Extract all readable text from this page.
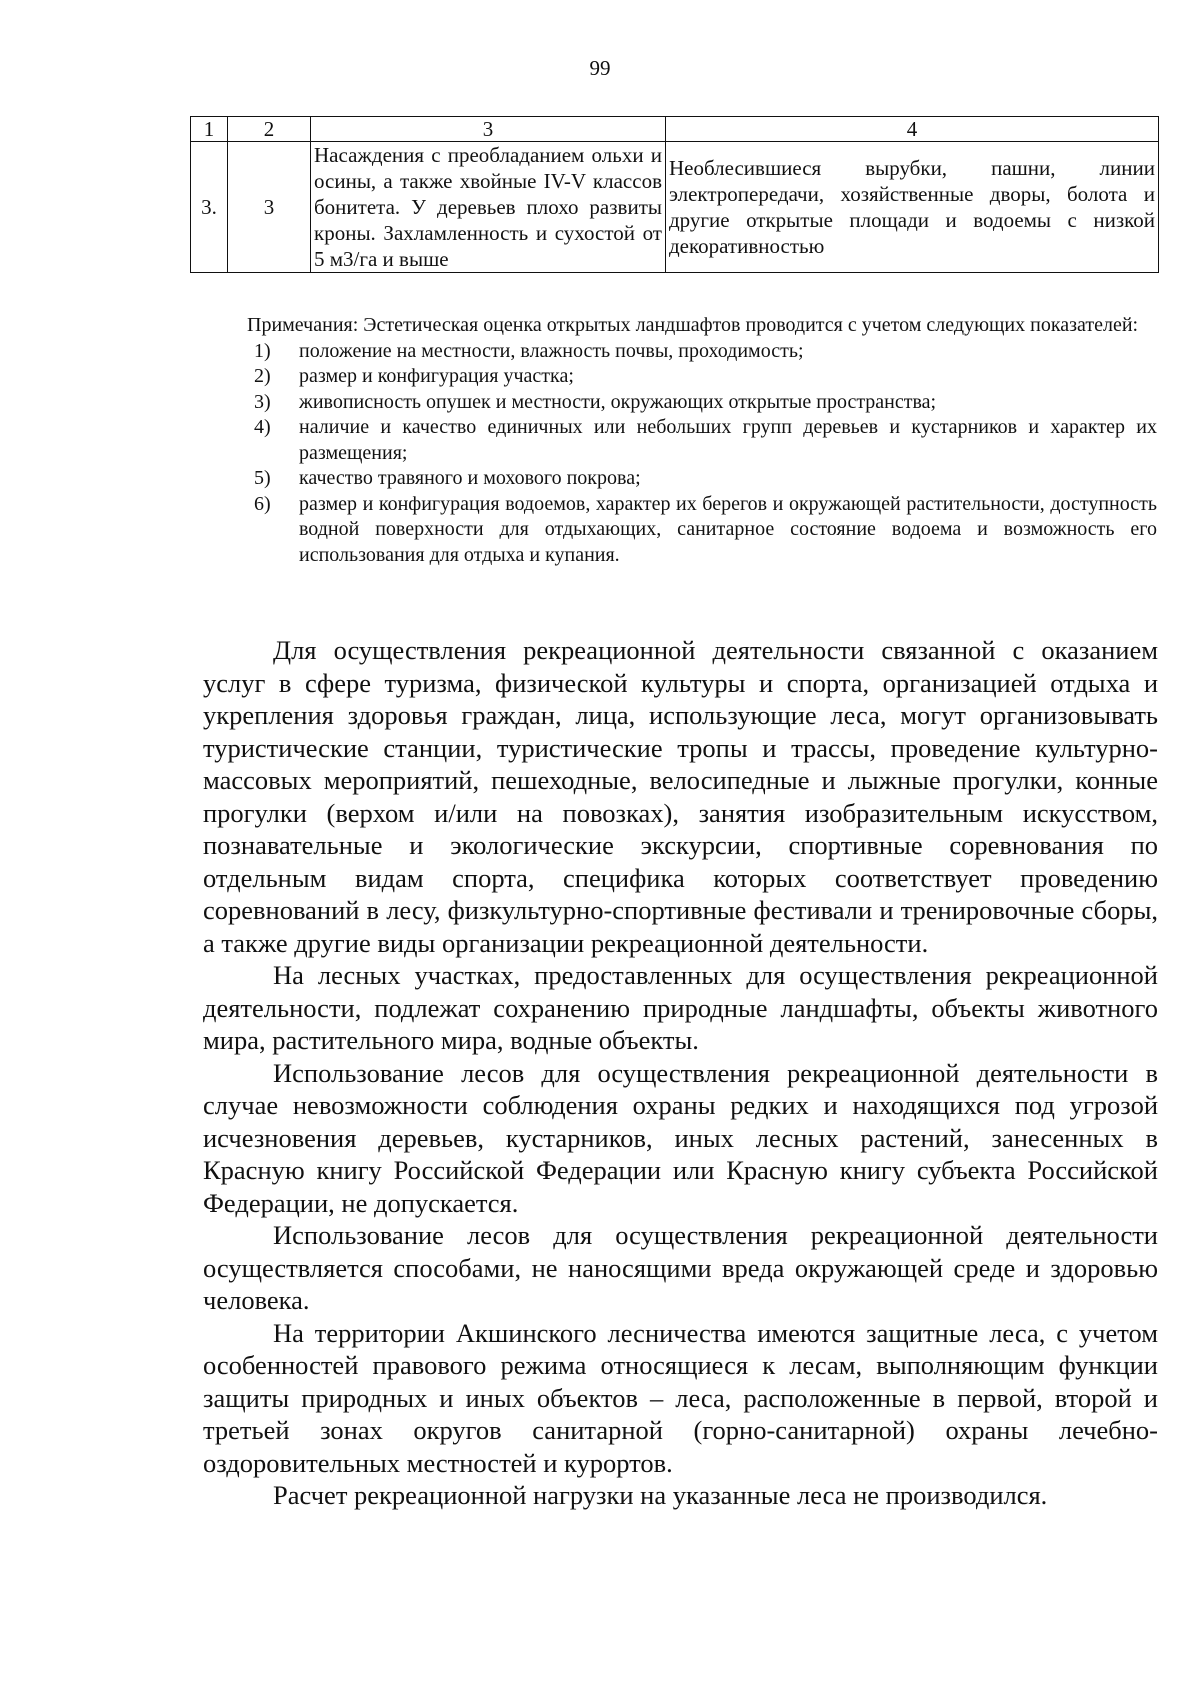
99
1	2	3	4
3.	3	Насаждения с преобладанием ольхи и осины, а также хвойные IV-V классов бонитета. У деревьев плохо развиты кроны. Захламленность и сухостой от 5 м3/га и выше	Необлесившиеся вырубки, пашни, линии электропередачи, хозяйственные дворы, болота и другие открытые площади и водоемы с низкой декоративностью
Примечания: Эстетическая оценка открытых ландшафтов проводится с учетом следующих показателей:
1)	положение на местности, влажность почвы, проходимость;
2)	размер и конфигурация участка;
3)	живописность опушек и местности, окружающих открытые пространства;
4)	наличие и качество единичных или небольших групп деревьев и кустарников и характер их размещения;
5)	качество травяного и мохового покрова;
6)	размер и конфигурация водоемов, характер их берегов и окружающей растительности, доступность водной поверхности для отдыхающих, санитарное состояние водоема и возможность его использования для отдыха и купания.

Для осуществления рекреационной деятельности связанной с оказанием услуг в сфере туризма, физической культуры и спорта, организацией отдыха и укрепления здоровья граждан, лица, использующие леса, могут организовывать туристические станции, туристические тропы и трассы, проведение культурно-массовых мероприятий, пешеходные, велосипедные и лыжные прогулки, конные прогулки (верхом и/или на повозках), занятия изобразительным искусством, познавательные и экологические экскурсии, спортивные соревнования по отдельным видам спорта, специфика которых соответствует проведению соревнований в лесу, физкультурно-спортивные фестивали и тренировочные сборы, а также другие виды организации рекреационной деятельности.

На лесных участках, предоставленных для осуществления рекреационной деятельности, подлежат сохранению природные ландшафты, объекты животного мира, растительного мира, водные объекты.

Использование лесов для осуществления рекреационной деятельности в случае невозможности соблюдения охраны редких и находящихся под угрозой исчезновения деревьев, кустарников, иных лесных растений, занесенных в Красную книгу Российской Федерации или Красную книгу субъекта Российской Федерации, не допускается.

Использование лесов для осуществления рекреационной деятельности осуществляется способами, не наносящими вреда окружающей среде и здоровью человека.

На территории Акшинского лесничества имеются защитные леса, с учетом особенностей правового режима относящиеся к лесам, выполняющим функции защиты природных и иных объектов – леса, расположенные в первой, второй и третьей зонах округов санитарной (горно-санитарной) охраны лечебно-оздоровительных местностей и курортов.

Расчет рекреационной нагрузки на указанные леса не производился.
